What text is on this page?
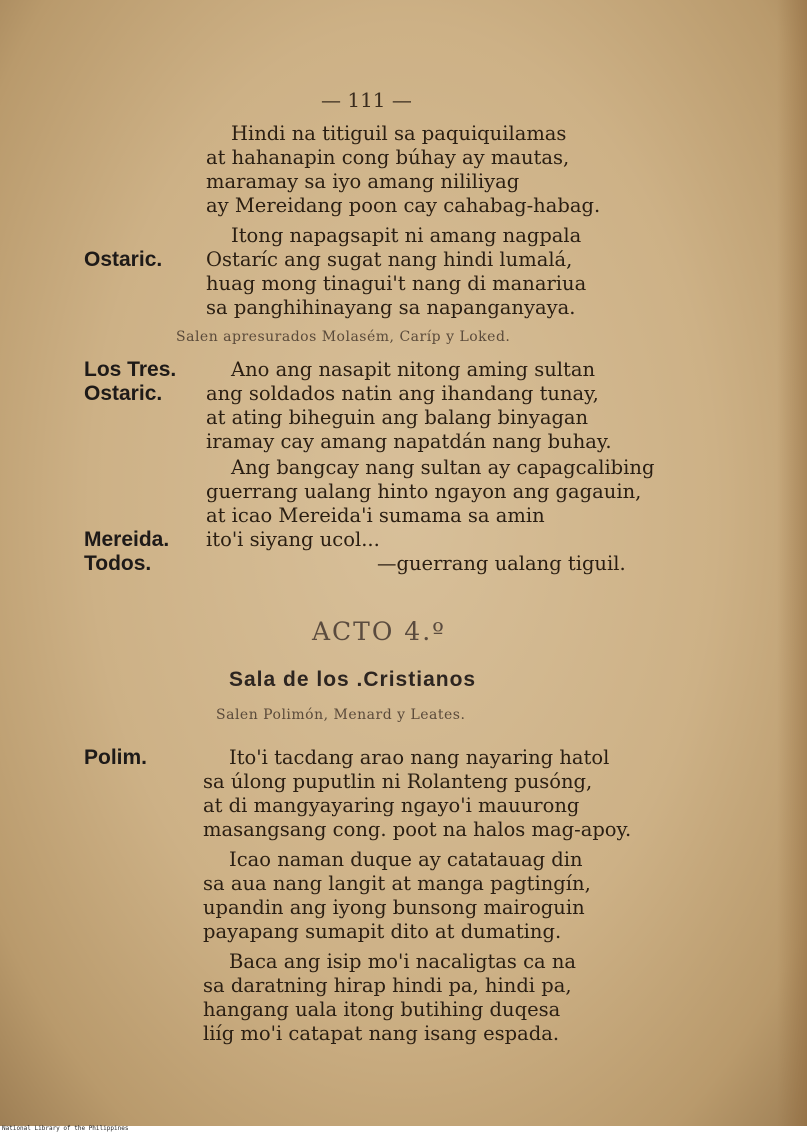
— 111 —
Hindi na titiguil sa paquiquilamas
at hahanapin cong búhay ay mautas,
maramay sa iyo amang nililiyag
ay Mereidang poon cay cahabag-habag.
Itong napagsapit ni amang nagpala
Ostaric. Ostaríc ang sugat nang hindi lumalá,
huag mong tinagui't nang di manariua
sa panghihinayang sa napanganyaya.
Salen apresurados Molasém, Caríp y Loked.
Los Tres.	Ano ang nasapit nitong aming sultan
Ostaric. ang soldados natin ang ihandang tunay,
at ating biheguin ang balang binyagan
iramay cay amang napatdán nang buhay.
Ang bangcay nang sultan ay capagcalibing
guerrang ualang hinto ngayon ang gagauin,
at icao Mereida'i sumama sa amin
Mereida. ito'i siyang ucol...
Todos.	—guerrang ualang tiguil.
ACTO 4.º
Sala de los .Cristianos
Salen Polimón, Menard y Leates.
Polim.	Ito'i tacdang arao nang nayaring hatol
sa úlong puputlin ni Rolanteng pusóng,
at di mangyayaring ngayo'i mauurong
masangsang cong. poot na halos mag-apoy.
Icao naman duque ay catatauag din
sa aua nang langit at manga pagtingín,
upandin ang iyong bunsong mairoguin
payapang sumapit dito at dumating.
Baca ang isip mo'i nacaligtas ca na
sa daratning hirap hindi pa, hindi pa,
hangang uala itong butihing duqesa
liíg mo'i catapat nang isang espada.
National Library of the Philippines
